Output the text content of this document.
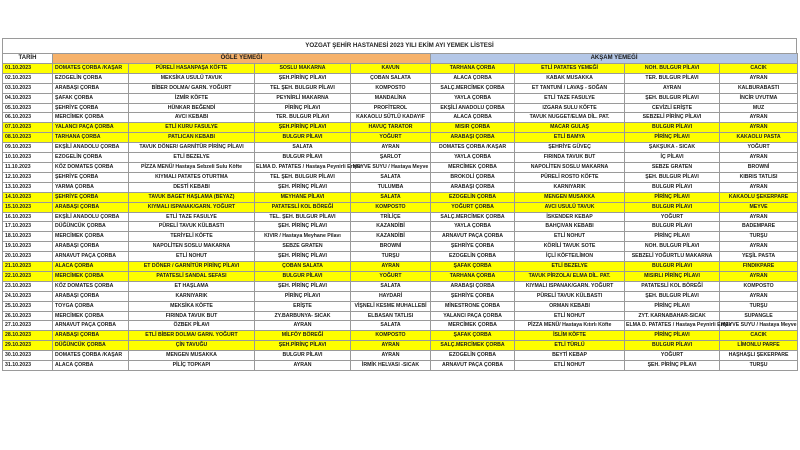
YOZGAT ŞEHİR HASTANESİ 2023 YILI EKİM AYI YEMEK LİSTESİ
TARİH	ÖĞLE YEMEĞİ				AKŞAM YEMEĞİ			
01.10.2023	DOMATES ÇORBA /KAŞAR	PÜRELİ HASANPAŞA KÖFTE	SOSLU MAKARNA	KAVUN	TARHANA ÇORBA	ETLİ PATATES YEMEĞİ	NOH. BULGUR PİLAVI	CACIK
02.10.2023	EZOGELİN ÇORBA	MEKSİKA USULÜ TAVUK	ŞEH.PİRİNÇ PİLAVI	ÇOBAN SALATA	ALACA ÇORBA	KABAK MUSAKKA	TER. BULGUR PİLAVI	AYRAN
03.10.2023	ARABAŞI ÇORBA	BİBER DOLMA/ GARN. YOĞURT	TEL ŞEH. BULGUR PİLAVI	KOMPOSTO	SALÇ.MERCİMEK ÇORBA	ET TANTUNİ / LAVAŞ - SOĞAN	AYRAN	KALBURABASTI
04.10.2023	ŞAFAK ÇORBA	İZMİR KÖFTE	PEYNİRLİ MAKARNA	MANDALİNA	YAYLA ÇORBA	ETLİ TAZE FASULYE	ŞEH. BULGUR PİLAVI	İNCİR UYUTMA
05.10.2023	ŞEHRİYE ÇORBA	HÜNKAR BEĞENDİ	PİRİNÇ PİLAVI	PROFİTEROL	EKŞİLİ ANADOLU ÇORBA	IZGARA SULU KÖFTE	CEVİZLİ ERİŞTE	MUZ
06.10.2023	MERCİMEK ÇORBA	AVCI KEBABI	TER. BULGUR PİLAVI	KAKAOLU SÜTLÜ KADAYIF	ALACA ÇORBA	TAVUK NUGGET/ELMA DİL. PAT.	SEBZELİ PİRİNÇ PİLAVI	AYRAN
07.10.2023	YALANCI PAÇA ÇORBA	ETLİ KURU FASULYE	ŞEH.PİRİNÇ PİLAVI	HAVUÇ TARATOR	MISIR ÇORBA	MACAR GULAŞ	BULGUR PİLAVI	AYRAN
08.10.2023	TARHANA ÇORBA	PATLICAN KEBABI	BULGUR PİLAVI	YOĞURT	ARABAŞI ÇORBA	ETLİ BAMYA	PİRİNÇ PİLAVI	KAKAOLU PASTA
09.10.2023	EKŞİLİ ANADOLU ÇORBA	TAVUK DÖNER/ GARNİTÜR PİRİNÇ PİLAVI	SALATA	AYRAN	DOMATES ÇORBA /KAŞAR	ŞEHRİYE GÜVEÇ	ŞAKŞUKA - SICAK	YOĞURT
10.10.2023	EZOGELİN ÇORBA	ETLİ BEZELYE	BULGUR PİLAVI	ŞARLOT	YAYLA ÇORBA	FIRINDA TAVUK BUT	İÇ PİLAVI	AYRAN
11.10.2023	KÖZ DOMATES ÇORBA	PİZZA MENÜ/ Hastaya Sebzeli Sulu Köfte	ELMA D. PATATES / Hastaya Peynirli Erişte	MEYVE SUYU / Hastaya Meyve	MERCİMEK ÇORBA	NAPOLİTEN SOSLU MAKARNA	SEBZE GRATEN	BROWNİ
12.10.2023	ŞEHRİYE ÇORBA	KIYMALI PATATES OTURTMA	TEL ŞEH. BULGUR PİLAVI	SALATA	BROKOLİ ÇORBA	PÜRELİ ROSTO KÖFTE	ŞEH. BULGUR PİLAVI	KIBRIS TATLISI
13.10.2023	YARMA ÇORBA	DESTİ KEBABI	ŞEH. PİRİNÇ PİLAVI	TULUMBA	ARABAŞI ÇORBA	KARNIYARIK	BULGUR PİLAVI	AYRAN
14.10.2023	ŞEHRİYE ÇORBA	TAVUK BAGET HAŞLAMA (BEYAZ)	MEYHANE PİLAVI	SALATA	EZOGELİN ÇORBA	MENGEN MUSAKKA	PİRİNÇ PİLAVI	KAKAOLU ŞEKERPARE
15.10.2023	ARABAŞI ÇORBA	KIYMALI ISPANAK/GARN. YOĞURT	PATATESLİ KOL BÖREĞİ	KOMPOSTO	YOĞURT ÇORBA	AVCI USULÜ TAVUK	BULGUR PİLAVI	MEYVE
16.10.2023	EKŞİLİ ANADOLU ÇORBA	ETLİ TAZE FASULYE	TEL. ŞEH. BULGUR PİLAVI	TRİLİÇE	SALÇ.MERCİMEK ÇORBA	İSKENDER KEBAP	YOĞURT	AYRAN
17.10.2023	DÜĞÜNCÜK ÇORBA	PÜRELİ TAVUK KÜLBASTI	ŞEH. PİRİNÇ PİLAVI	KAZANDİBİ	YAYLA ÇORBA	BAHÇIVAN KEBABI	BULGUR PİLAVI	BADEMPARE
18.10.2023	MERCİMEK ÇORBA	TERİYELİ KÖFTE	KIVIR / Hastaya Meyhane Pilavı	KAZANDİBİ	ARNAVUT PAÇA ÇORBA	ETLİ NOHUT	PİRİNÇ PİLAVI	TURŞU
19.10.2023	ARABAŞI ÇORBA	NAPOLİTEN SOSLU MAKARNA	SEBZE GRATEN	BROWNİ	ŞEHRİYE ÇORBA	KÖRİLİ TAVUK SOTE	NOH. BULGUR PİLAVI	AYRAN
20.10.2023	ARNAVUT PAÇA ÇORBA	ETLİ NOHUT	ŞEH. PİRİNÇ PİLAVI	TURŞU	EZOGELİN ÇORBA	İÇLİ KÖFTE/LİMON	SEBZELİ YOĞURTLU MAKARNA	YEŞİL PASTA
21.10.2023	ALACA ÇORBA	ET DÖNER / GARNİTÜR PİRİNÇ PİLAVI	ÇOBAN SALATA	AYRAN	ŞAFAK ÇORBA	ETLİ BEZELYE	BULGUR PİLAVI	FINDIKPARE
22.10.2023	MERCİMEK ÇORBA	PATATESLİ SANDAL SEFASI	BULGUR PİLAVI	YOĞURT	TARHANA ÇORBA	TAVUK PİRZOLA/ ELMA DİL. PAT.	MISIRLI PİRİNÇ PİLAVI	AYRAN
23.10.2023	KÖZ DOMATES ÇORBA	ET HAŞLAMA	ŞEH. PİRİNÇ PİLAVI	SALATA	ARABAŞI ÇORBA	KIYMALI ISPANAK/GARN. YOĞURT	PATATESLİ KOL BÖREĞİ	KOMPOSTO
24.10.2023	ARABAŞI ÇORBA	KARNIYARIK	PİRİNÇ PİLAVI	HAYDARİ	ŞEHRİYE ÇORBA	PÜRELİ TAVUK KÜLBASTI	ŞEH. BULGUR PİLAVI	AYRAN
25.10.2023	TOYGA ÇORBA	MEKSİKA KÖFTE	ERİŞTE	VİŞNELİ KESME MUHALLEBİ	MİNESTRONE ÇORBA	ORMAN KEBABI	PİRİNÇ PİLAVI	TURŞU
26.10.2023	MERCİMEK ÇORBA	FIRINDA TAVUK BUT	ZY.BARBUNYA- SICAK	ELBASAN TATLISI	YALANCI PAÇA ÇORBA	ETLİ NOHUT	ZYT. KARNABAHAR-SICAK	SUPANGLE
27.10.2023	ARNAVUT PAÇA ÇORBA	ÖZBEK PİLAVI	AYRAN	SALATA	MERCİMEK ÇORBA	PİZZA MENÜ/ Hastaya Kıtırlı Köfte	ELMA D. PATATES / Hastaya Peynirli Erişte	MEYVE SUYU / Hastaya Meyve
28.10.2023	ARABAŞI ÇORBA	ETLİ BİBER DOLMA/ GARN. YOĞURT	MİLFÖY BÖREĞİ	KOMPOSTO	ŞAFAK ÇORBA	İSLİM KÖFTE	PİRİNÇ PİLAVI	CACIK
29.10.2023	DÜĞÜNCÜK ÇORBA	ÇİN TAVUĞU	ŞEH.PİRİNÇ PİLAVI	AYRAN	SALÇ.MERCİMEK ÇORBA	ETLİ TÜRLÜ	BULGUR PİLAVI	LİMONLU PARFE
30.10.2023	DOMATES ÇORBA /KAŞAR	MENGEN MUSAKKA	BULGUR PİLAVI	AYRAN	EZOGELİN ÇORBA	BEYTİ KEBAP	YOĞURT	HAŞHAŞLI ŞEKERPARE
31.10.2023	ALACA ÇORBA	PİLİÇ TOPKAPI	AYRAN	İRMİK HELVASI -SICAK	ARNAVUT PAÇA ÇORBA	ETLİ NOHUT	ŞEH. PİRİNÇ PİLAVI	TURŞU
